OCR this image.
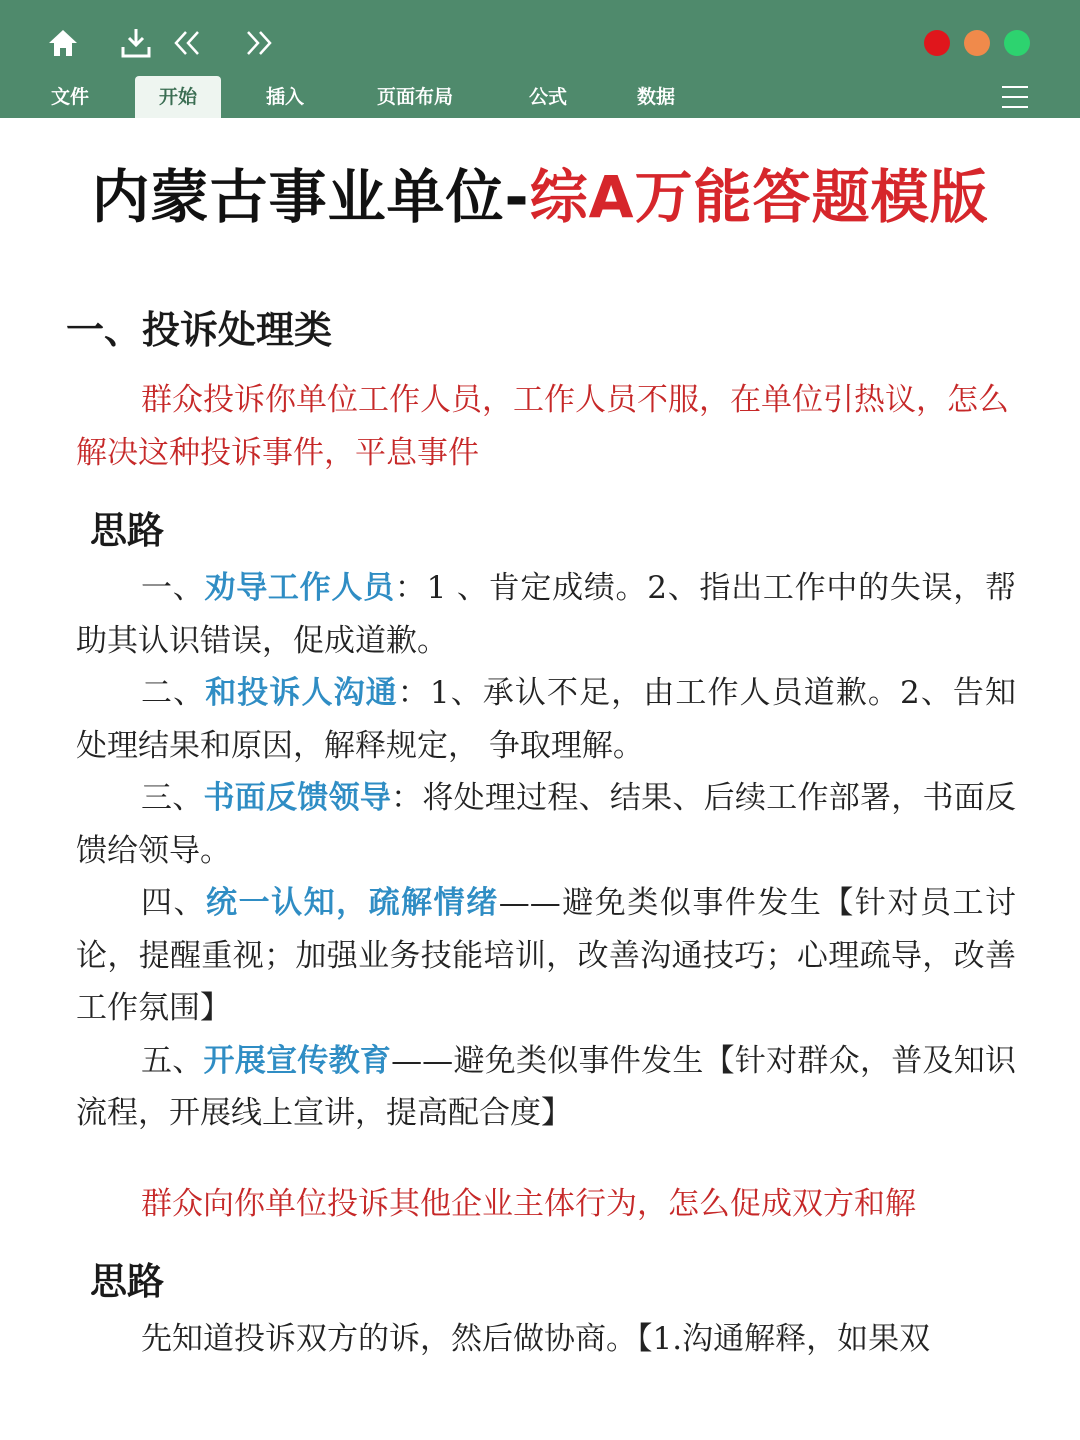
文件	开始	插入	页面布局	公式	数据
内蒙古事业单位-综A万能答题模版
一、投诉处理类

群众投诉你单位工作人员，工作人员不服，在单位引热议，怎么解决这种投诉事件，平息事件

思路

一、劝导工作人员：1 、肯定成绩。2、指出工作中的失误，帮助其认识错误，促成道歉。

二、和投诉人沟通：1、承认不足，由工作人员道歉。2、告知处理结果和原因，解释规定， 争取理解。

三、书面反馈领导：将处理过程、结果、后续工作部署，书面反馈给领导。

四、统一认知，疏解情绪——避免类似事件发生【针对员工讨论，提醒重视；加强业务技能培训，改善沟通技巧；心理疏导，改善工作氛围】

五、开展宣传教育——避免类似事件发生【针对群众，普及知识流程，开展线上宣讲，提高配合度】

群众向你单位投诉其他企业主体行为，怎么促成双方和解

思路

先知道投诉双方的诉，然后做协商。【1.沟通解释，如果双
